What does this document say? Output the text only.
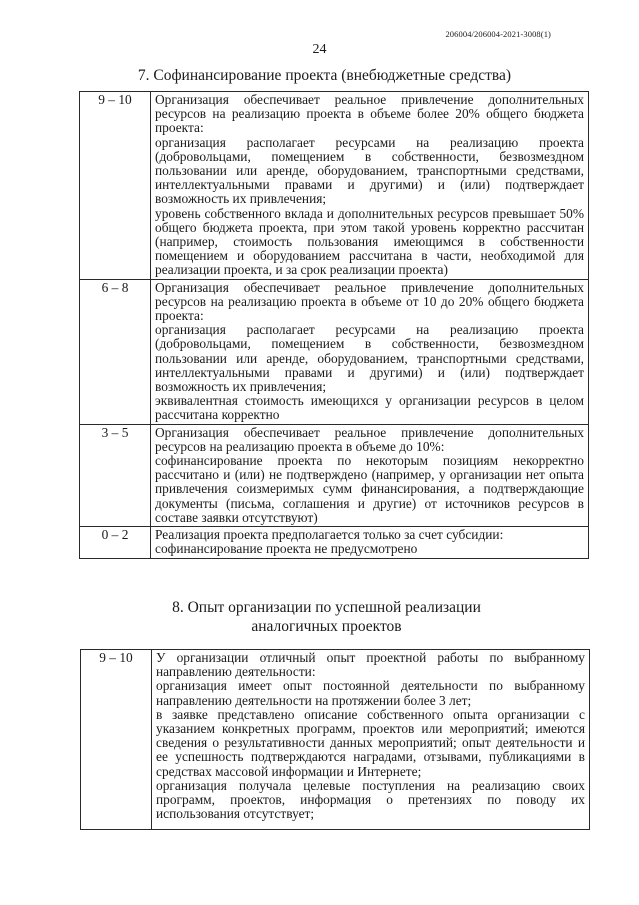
206004/206004-2021-3008(1)
24
7. Софинансирование проекта (внебюджетные средства)
9 – 10	Организация обеспечивает реальное привлечение дополнительных ресурсов на реализацию проекта в объеме более 20% общего бюджета проекта:

организация располагает ресурсами на реализацию проекта (добровольцами, помещением в собственности, безвозмездном пользовании или аренде, оборудованием, транспортными средствами, интеллектуальными правами и другими) и (или) подтверждает возможность их привлечения;

уровень собственного вклада и дополнительных ресурсов превышает 50% общего бюджета проекта, при этом такой уровень корректно рассчитан (например, стоимость пользования имеющимся в собственности помещением и оборудованием рассчитана в части, необходимой для реализации проекта, и за срок реализации проекта)

6 – 8	Организация обеспечивает реальное привлечение дополнительных ресурсов на реализацию проекта в объеме от 10 до 20% общего бюджета проекта:

организация располагает ресурсами на реализацию проекта (добровольцами, помещением в собственности, безвозмездном пользовании или аренде, оборудованием, транспортными средствами, интеллектуальными правами и другими) и (или) подтверждает возможность их привлечения;

эквивалентная стоимость имеющихся у организации ресурсов в целом рассчитана корректно

3 – 5	Организация обеспечивает реальное привлечение дополнительных ресурсов на реализацию проекта в объеме до 10%:

софинансирование проекта по некоторым позициям некорректно рассчитано и (или) не подтверждено (например, у организации нет опыта привлечения соизмеримых сумм финансирования, а подтверждающие документы (письма, соглашения и другие) от источников ресурсов в составе заявки отсутствуют)

0 – 2	Реализация проекта предполагается только за счет субсидии:

софинансирование проекта не предусмотрено

8. Опыт организации по успешной реализации
аналогичных проектов
9 – 10	У организации отличный опыт проектной работы по выбранному направлению деятельности:

организация имеет опыт постоянной деятельности по выбранному направлению деятельности на протяжении более 3 лет;

в заявке представлено описание собственного опыта организации с указанием конкретных программ, проектов или мероприятий; имеются сведения о результативности данных мероприятий; опыт деятельности и ее успешность подтверждаются наградами, отзывами, публикациями в средствах массовой информации и Интернете;

организация получала целевые поступления на реализацию своих программ, проектов, информация о претензиях по поводу их использования отсутствует;
